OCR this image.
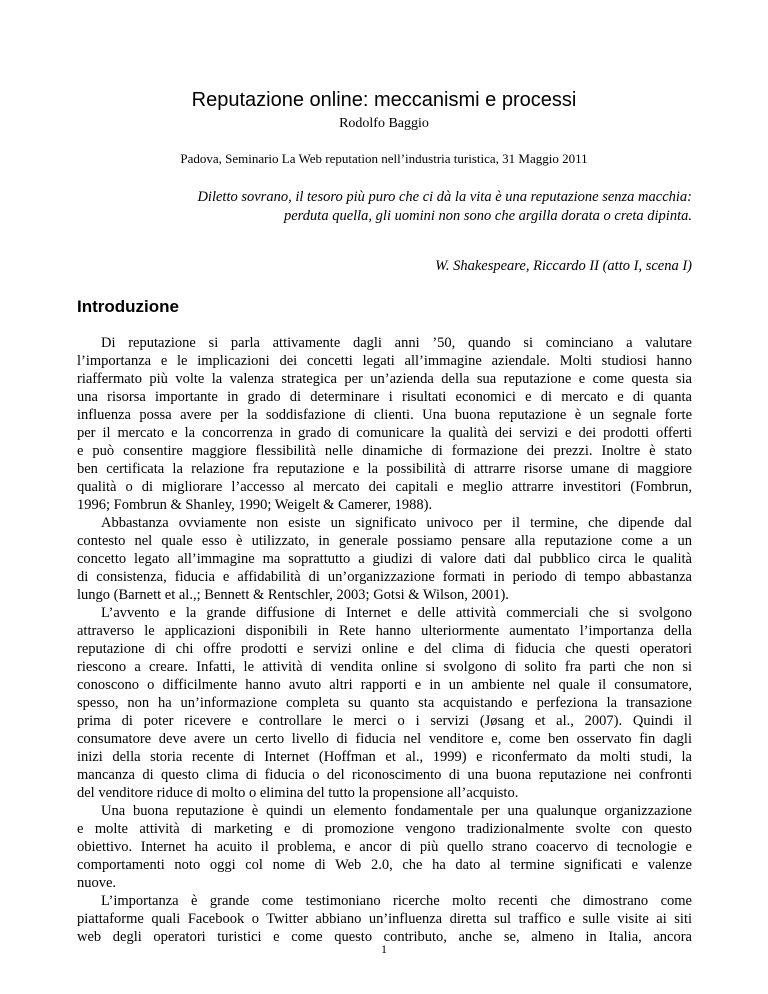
Reputazione online: meccanismi e processi
Rodolfo Baggio
Padova, Seminario La Web reputation nell’industria turistica, 31 Maggio 2011
Diletto sovrano, il tesoro più puro che ci dà la vita è una reputazione senza macchia:
perduta quella, gli uomini non sono che argilla dorata o creta dipinta.
W. Shakespeare, Riccardo II (atto I, scena I)
Introduzione
Di reputazione si parla attivamente dagli anni ’50, quando si cominciano a valutare
l’importanza e le implicazioni dei concetti legati all’immagine aziendale. Molti studiosi hanno
riaffermato più volte la valenza strategica per un’azienda della sua reputazione e come questa sia
una risorsa importante in grado di determinare i risultati economici e di mercato e di quanta
influenza possa avere per la soddisfazione di clienti. Una buona reputazione è un segnale forte
per il mercato e la concorrenza in grado di comunicare la qualità dei servizi e dei prodotti offerti
e può consentire maggiore flessibilità nelle dinamiche di formazione dei prezzi. Inoltre è stato
ben certificata la relazione fra reputazione e la possibilità di attrarre risorse umane di maggiore
qualità o di migliorare l’accesso al mercato dei capitali e meglio attrarre investitori (Fombrun,
1996; Fombrun & Shanley, 1990; Weigelt & Camerer, 1988).
Abbastanza ovviamente non esiste un significato univoco per il termine, che dipende dal
contesto nel quale esso è utilizzato, in generale possiamo pensare alla reputazione come a un
concetto legato all’immagine ma soprattutto a giudizi di valore dati dal pubblico circa le qualità
di consistenza, fiducia e affidabilità di un’organizzazione formati in periodo di tempo abbastanza
lungo (Barnett et al.,; Bennett & Rentschler, 2003; Gotsi & Wilson, 2001).
L’avvento e la grande diffusione di Internet e delle attività commerciali che si svolgono
attraverso le applicazioni disponibili in Rete hanno ulteriormente aumentato l’importanza della
reputazione di chi offre prodotti e servizi online e del clima di fiducia che questi operatori
riescono a creare. Infatti, le attività di vendita online si svolgono di solito fra parti che non si
conoscono o difficilmente hanno avuto altri rapporti e in un ambiente nel quale il consumatore,
spesso, non ha un’informazione completa su quanto sta acquistando e perfeziona la transazione
prima di poter ricevere e controllare le merci o i servizi (Jøsang et al., 2007). Quindi il
consumatore deve avere un certo livello di fiducia nel venditore e, come ben osservato fin dagli
inizi della storia recente di Internet (Hoffman et al., 1999) e riconfermato da molti studi, la
mancanza di questo clima di fiducia o del riconoscimento di una buona reputazione nei confronti
del venditore riduce di molto o elimina del tutto la propensione all’acquisto.
Una buona reputazione è quindi un elemento fondamentale per una qualunque organizzazione
e molte attività di marketing e di promozione vengono tradizionalmente svolte con questo
obiettivo. Internet ha acuito il problema, e ancor di più quello strano coacervo di tecnologie e
comportamenti noto oggi col nome di Web 2.0, che ha dato al termine significati e valenze
nuove.
L’importanza è grande come testimoniano ricerche molto recenti che dimostrano come
piattaforme quali Facebook o Twitter abbiano un’influenza diretta sul traffico e sulle visite ai siti
web degli operatori turistici e come questo contributo, anche se, almeno in Italia, ancora
1
